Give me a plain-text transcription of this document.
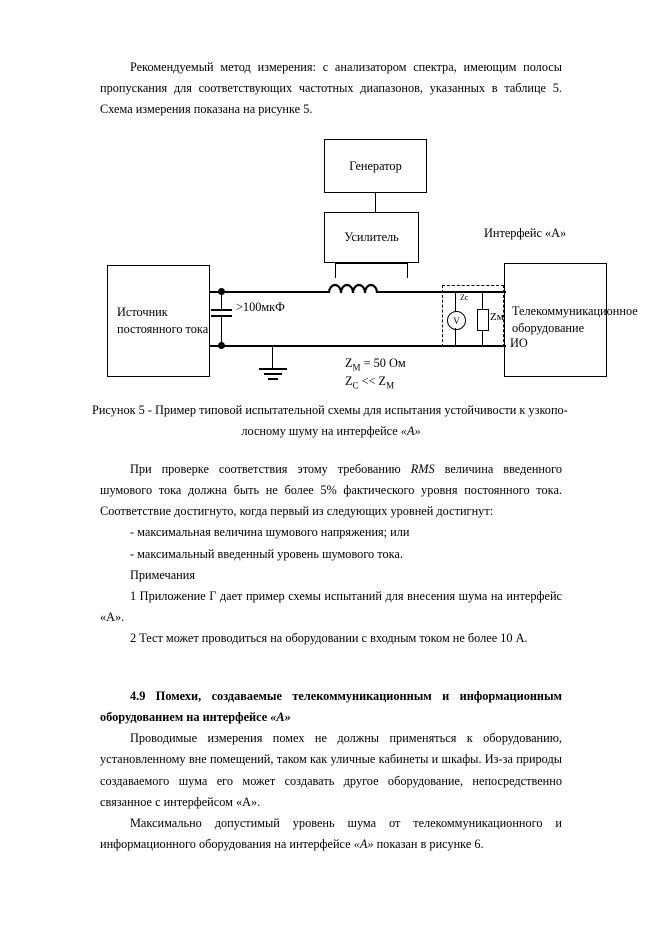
Рекомендуемый метод измерения: с анализатором спектра, имеющим полосы пропускания для соответствующих частотных диапазонов, указанных в таблице 5. Схема измерения показана на рисунке 5.

Генератор
Усилитель	Интерфейс «А»
Источник постоянного тока
Телекоммуникационное оборудование
>100мкФ
V	Zм
Zс
ИО
$Z_М = 50$ Ом
$Z_С << Z_М$
Рисунок 5 - Пример типовой испытательной схемы для испытания устойчивости к узкопо-
лосному шуму на интерфейсе «А»

При проверке соответствия этому требованию RMS величина введенного шумового тока должна быть не более 5% фактического уровня постоянного тока. Соответствие достигнуто, когда первый из следующих уровней достигнут:

- максимальная величина шумового напряжения; или

- максимальный введенный уровень шумового тока.

Примечания

1 Приложение Г дает пример схемы испытаний для внесения шума на интерфейс «А».

2 Тест может проводиться на оборудовании с входным током не более 10 А.

4.9 Помехи, создаваемые телекоммуникационным и информационным оборудованием на интерфейсе «А»

Проводимые измерения помех не должны применяться к оборудованию, установленному вне помещений, таком как уличные кабинеты и шкафы. Из-за природы создаваемого шума его может создавать другое оборудование, непосредственно связанное с интерфейсом «А».

Максимально допустимый уровень шума от телекоммуникационного и информационного оборудования на интерфейсе «А» показан в рисунке 6.
